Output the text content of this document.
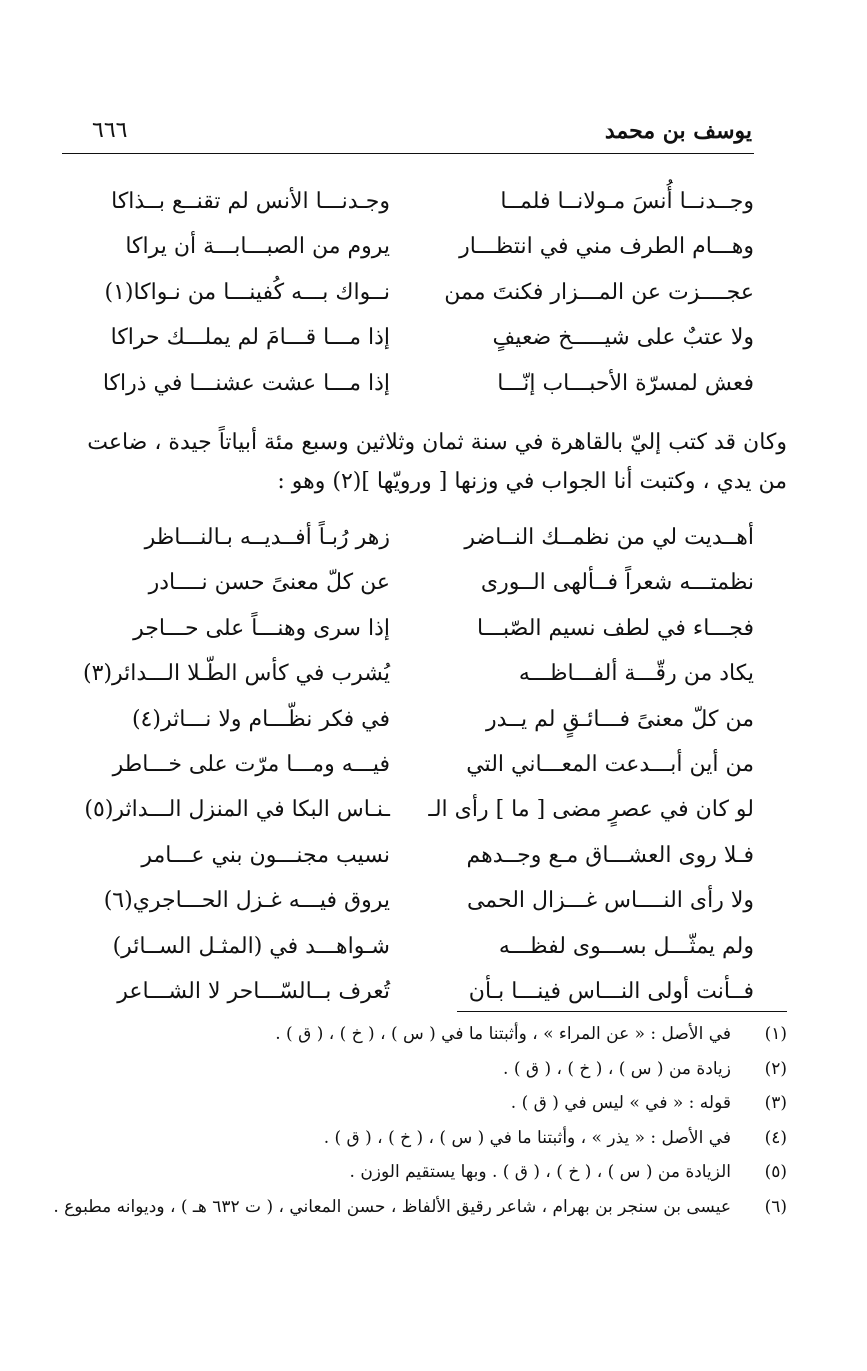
يوسف بن محمد
٦٦٦
وجــدنــا أُنسَ مـولانــا فلمــا
وجـدنـــا الأنس لم تقنــع بــذاكا
وهـــام الطرف مني في انتظـــار
يروم من الصبـــابـــة أن يراكا
عجــــزت عن المـــزار فكنتَ ممن
نــواك بـــه كُفينـــا من نـواكا(١)
ولا عتبٌ على شيـــــخ ضعيفٍ
إذا مـــا قـــامَ لم يملـــك حراكا
فعش لمسرّة الأحبـــاب إنّـــا
إذا مـــا عشت عشنـــا في ذراكا

وكان قد كتب إليّ بالقاهرة في سنة ثمان وثلاثين وسبع مئة أبياتاً جيدة ، ضاعت

من يدي ، وكتبت أنا الجواب في وزنها [ ورويّها ](٢) وهو :

أهــديت لي من نظمــك النــاضر
زهر رُبـاً أفــديــه بـالنـــاظر
نظمتـــه شعراً فــألهى الــورى
عن كلّ معنىً حسن نــــادر
فجـــاء في لطف نسيم الصّبـــا
إذا سرى وهنـــاً على حـــاجر
يكاد من رقّـــة ألفـــاظـــه
يُشرب في كأس الطّـلا الـــدائر(٣)
من كلّ معنىً فـــائـقٍ لم يــدر
في فكر نظّـــام ولا نـــاثر(٤)
من أين أبـــدعت المعـــاني التي
فيـــه ومـــا مرّت على خـــاطر
لو كان في عصرٍ مضى [ ما ] رأى الـ
ـنـاس البكا في المنزل الـــداثر(٥)
فـلا روى العشـــاق مـع وجــدهم
نسيب مجنـــون بني عـــامر
ولا رأى النــــاس غـــزال الحمى
يروق فيـــه غـزل الحـــاجري(٦)
ولم يمثّـــل بســـوى لفظـــه
شـواهـــد في (المثـل الســائر)
فــأنت أولى النـــاس فينـــا بـأن
تُعرف بــالسّـــاحر لا الشـــاعر
(١)
في الأصل : « عن المراء » ، وأثبتنا ما في ( س ) ، ( خ ) ، ( ق ) .
(٢)
زيادة من ( س ) ، ( خ ) ، ( ق ) .
(٣)
قوله : « في » ليس في ( ق ) .
(٤)
في الأصل : « يذر » ، وأثبتنا ما في ( س ) ، ( خ ) ، ( ق ) .
(٥)
الزيادة من ( س ) ، ( خ ) ، ( ق ) . وبها يستقيم الوزن .
(٦)
عيسى بن سنجر بن بهرام ، شاعر رقيق الألفاظ ، حسن المعاني ، ( ت ٦٣٢ هـ ) ، وديوانه مطبوع .
